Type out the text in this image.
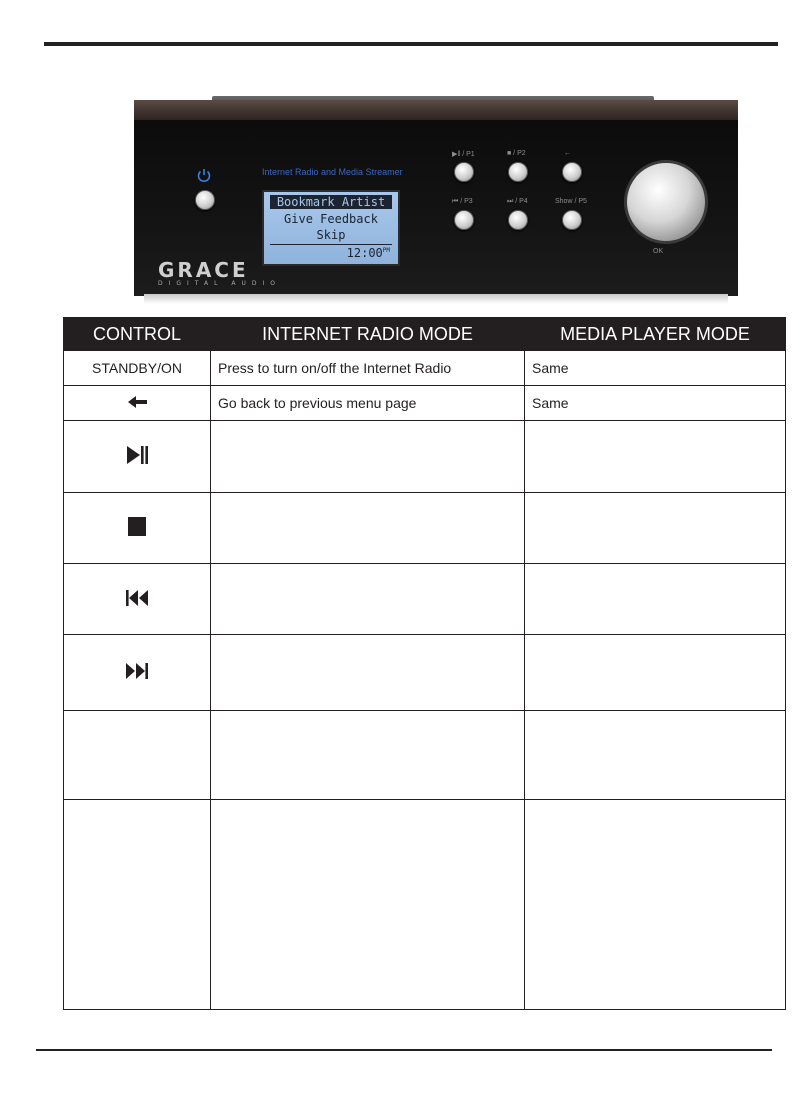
Internet Radio and Media Streamer
Bookmark Artist
Give Feedback
Skip
$12:00^{PM}$
GRACE
DIGITAL AUDIO
▶‖ / P1	■ / P2	←
⏮ / P3	⏭ / P4	Show / P5
OK
CONTROL	INTERNET RADIO MODE	MEDIA PLAYER MODE
STANDBY/ON	Press to turn on/off the Internet Radio	Same
	Go back to previous menu page	Same
